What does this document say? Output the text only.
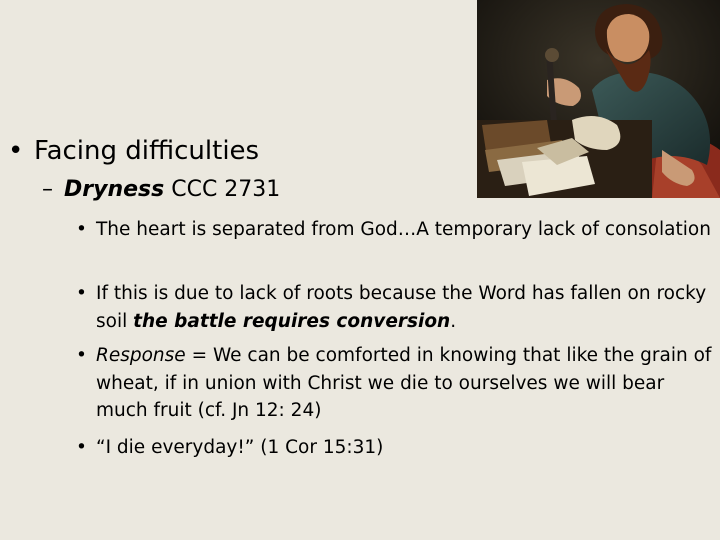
• Facing difficulties
– Dryness CCC 2731
• The heart is separated from God…A temporary lack of consolation
• If this is due to lack of roots because the Word has fallen on rocky soil the battle requires conversion.
• Response = We can be comforted in knowing that like the grain of wheat, if in union with Christ we die to ourselves we will bear much fruit (cf. Jn 12: 24)
• “I die everyday!” (1 Cor 15:31)
